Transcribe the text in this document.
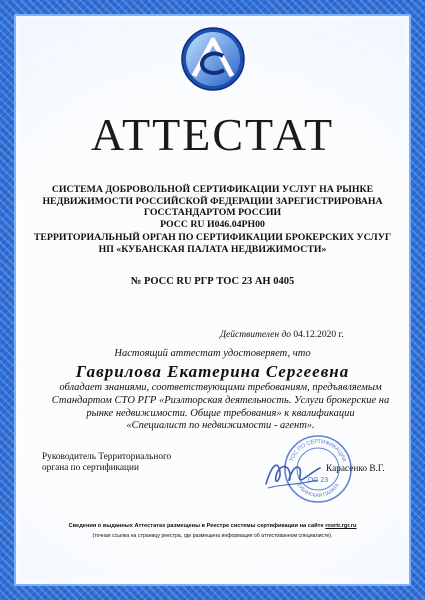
АТТЕСТАТ
СИСТЕМА ДОБРОВОЛЬНОЙ СЕРТИФИКАЦИИ УСЛУГ НА РЫНКЕ
НЕДВИЖИМОСТИ РОССИЙСКОЙ ФЕДЕРАЦИИ ЗАРЕГИСТРИРОВАНА
ГОССТАНДАРТОМ РОССИИ
РОСС RU И046.04РН00
ТЕРРИТОРИАЛЬНЫЙ ОРГАН ПО СЕРТИФИКАЦИИ БРОКЕРСКИХ УСЛУГ
НП «КУБАНСКАЯ ПАЛАТА НЕДВИЖИМОСТИ»
№ РОСС RU РГР ТОС 23 АН 0405
Действителен до 04.12.2020 г.
Настоящий аттестат удостоверяет, что
Гаврилова Екатерина Сергеевна
обладает знаниями, соответствующими требованиям, предъявляемым
Стандартом СТО РГР «Риэлторская деятельность. Услуги брокерские на
рынке недвижимости. Общие требования» к квалификации
«Специалист по недвижимости - агент».
Руководитель Территориального
органа по сертификации
ТОС ПО СЕРТИФИКАЦИИ
КУБАНСКАЯ ПАЛАТА
ОС 23
Карасенко В.Г.
Сведения о выданных Аттестатах размещены в Реестре системы сертификации на сайте rosrtr.rgr.ru
(точная ссылка на страницу реестра, где размещена информация об аттестованном специалисте).
